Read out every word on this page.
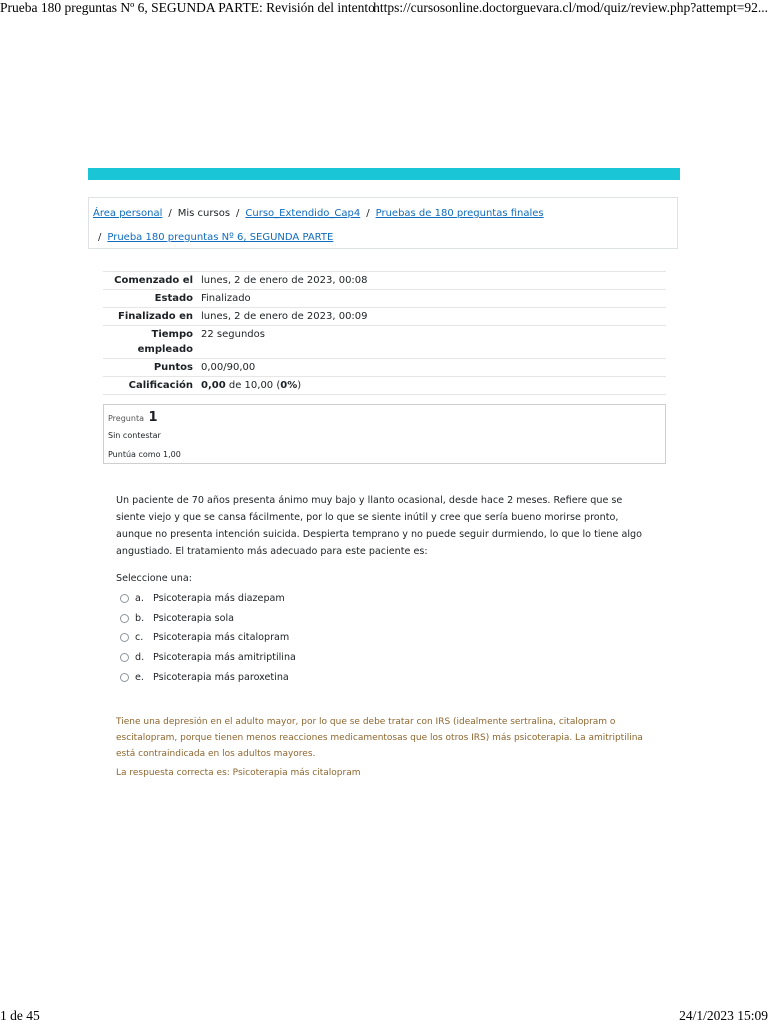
Prueba 180 preguntas Nº 6, SEGUNDA PARTE: Revisión del intento
https://cursosonline.doctorguevara.cl/mod/quiz/review.php?attempt=92...
Área personal / Mis cursos / Curso_Extendido_Cap4 / Pruebas de 180 preguntas finales
/ Prueba 180 preguntas Nº 6, SEGUNDA PARTE
Comenzado el lunes, 2 de enero de 2023, 00:08
Estado Finalizado
Finalizado en lunes, 2 de enero de 2023, 00:09
Tiempo empleado
22 segundos
Puntos 0,00/90,00
Calificación 0,00 de 10,00 (0%)
Pregunta 1
Sin contestar
Puntúa como 1,00
Un paciente de 70 años presenta ánimo muy bajo y llanto ocasional, desde hace 2 meses. Refiere que se siente viejo y que se cansa fácilmente, por lo que se siente inútil y cree que sería bueno morirse pronto, aunque no presenta intención suicida. Despierta temprano y no puede seguir durmiendo, lo que lo tiene algo angustiado. El tratamiento más adecuado para este paciente es:
Seleccione una:
a. Psicoterapia más diazepam
b. Psicoterapia sola
c.	Psicoterapia más citalopram
d. Psicoterapia más amitriptilina
e. Psicoterapia más paroxetina
Tiene una depresión en el adulto mayor, por lo que se debe tratar con IRS (idealmente sertralina, citalopram o escitalopram, porque tienen menos reacciones medicamentosas que los otros IRS) más psicoterapia. La amitriptilina está contraindicada en los adultos mayores.
La respuesta correcta es: Psicoterapia más citalopram
1 de 45	24/1/2023 15:09
